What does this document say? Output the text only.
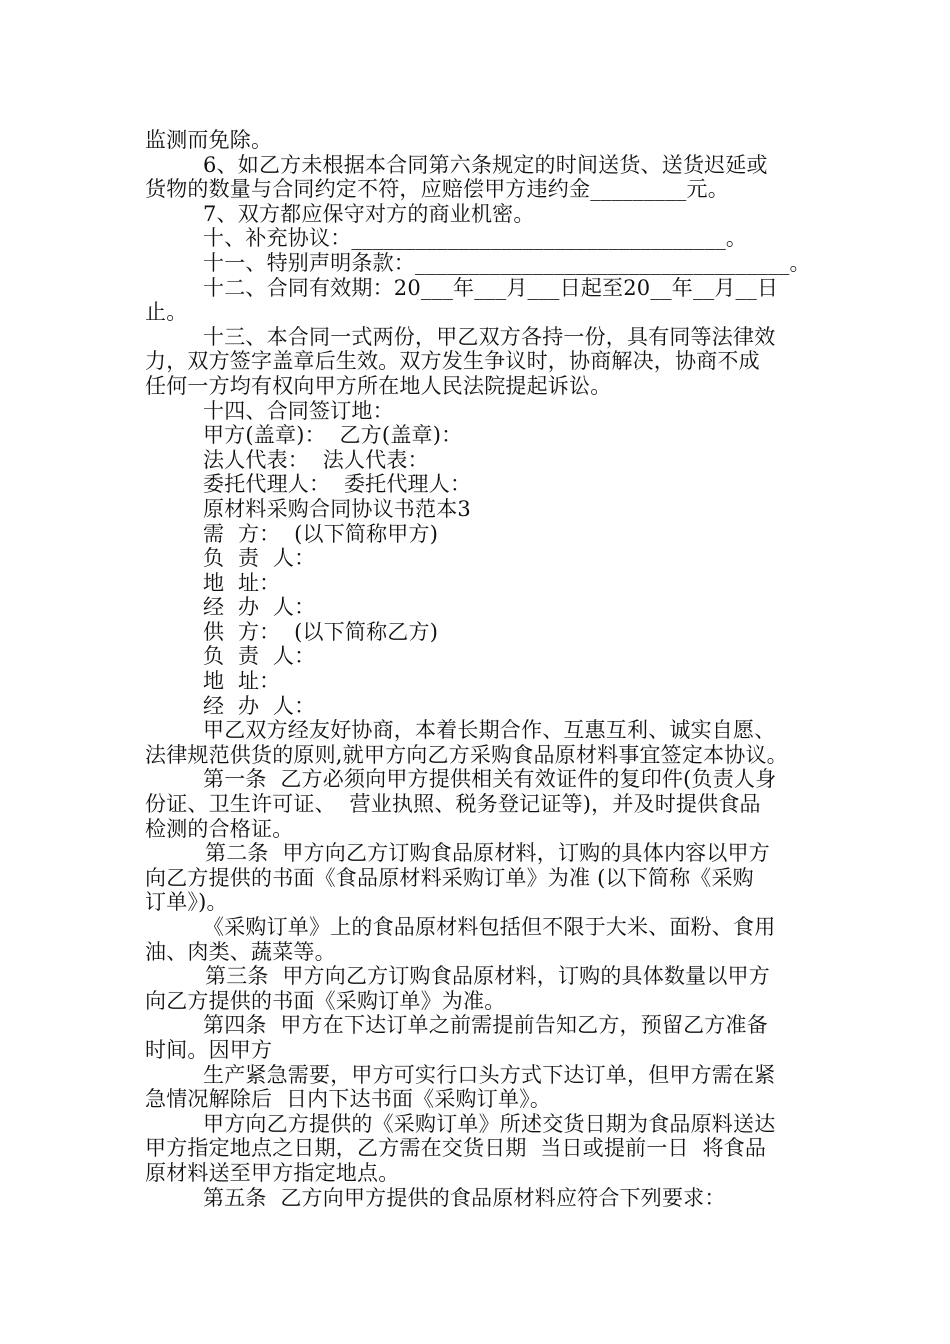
监测而免除。
6、如乙方未根据本合同第六条规定的时间送货、送货迟延或
货物的数量与合同约定不符，应赔偿甲方违约金_________元。
7、双方都应保守对方的商业机密。
十、补充协议：___________________________________。
十一、特别声明条款：___________________________________。
十二、合同有效期：20___年___月___日起至20__年__月__日
止。
十三、本合同一式两份，甲乙双方各持一份，具有同等法律效
力，双方签字盖章后生效。双方发生争议时，协商解决，协商不成
任何一方均有权向甲方所在地人民法院提起诉讼。
十四、合同签订地：
甲方(盖章)：  乙方(盖章)：
法人代表：  法人代表：
委托代理人：  委托代理人：
原材料采购合同协议书范本3
需  方：  (以下简称甲方)
负  责  人：
地  址：
经  办  人：
供  方：  (以下简称乙方)
负  责  人：
地  址：
经  办  人：
甲乙双方经友好协商，本着长期合作、互惠互利、诚实自愿、
法律规范供货的原则,就甲方向乙方采购食品原材料事宜签定本协议。
第一条  乙方必须向甲方提供相关有效证件的复印件(负责人身
份证、卫生许可证、  营业执照、税务登记证等)，并及时提供食品
检测的合格证。
第二条  甲方向乙方订购食品原材料，订购的具体内容以甲方
向乙方提供的书面《食品原材料采购订单》为准 (以下简称《采购
订单》)。
《采购订单》上的食品原材料包括但不限于大米、面粉、食用
油、肉类、蔬菜等。
第三条  甲方向乙方订购食品原材料，订购的具体数量以甲方
向乙方提供的书面《采购订单》为准。
第四条  甲方在下达订单之前需提前告知乙方，预留乙方准备
时间。因甲方
生产紧急需要，甲方可实行口头方式下达订单，但甲方需在紧
急情况解除后  日内下达书面《采购订单》。
甲方向乙方提供的《采购订单》所述交货日期为食品原料送达
甲方指定地点之日期，乙方需在交货日期  当日或提前一日  将食品
原材料送至甲方指定地点。
第五条  乙方向甲方提供的食品原材料应符合下列要求：
